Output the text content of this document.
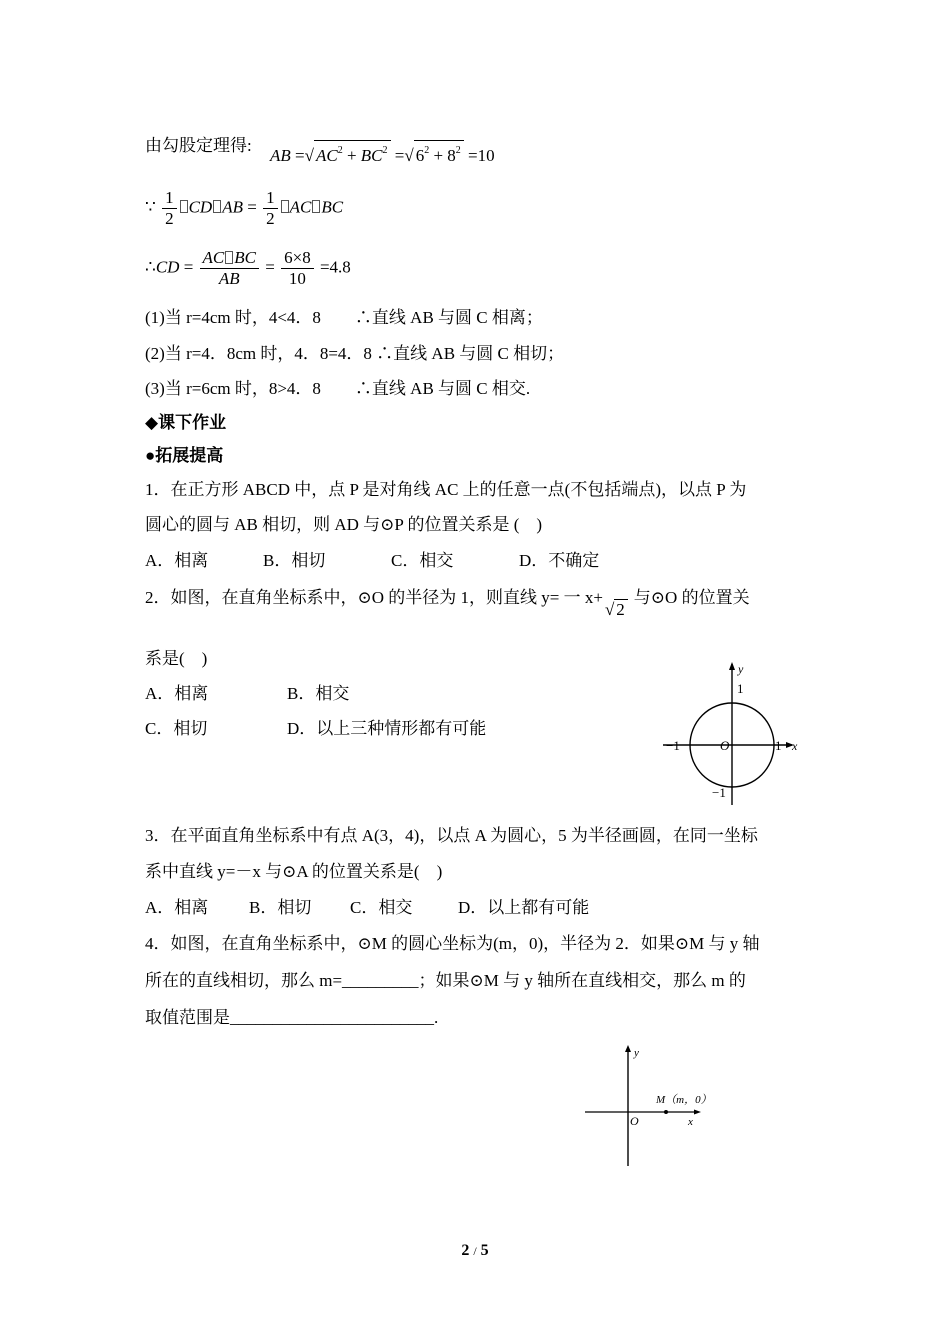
由勾股定理得: AB =√ $AC^2 + BC^2$ =√ $6^2 + 8^2 =10$
∵ $\frac{1}{2}$ CD AB = $\frac{1}{2}$ AC BC
∴CD = $\frac{\text{AC BC}}{AB} = \frac{6\times 8}{10} =4.8$
(1)当 r=4cm 时，4<4．8　　∴直线 AB 与圆 C 相离；
(2)当 r=4．8cm 时，4．8=4．8 ∴直线 AB 与圆 C 相切；
(3)当 r=6cm 时，8>4．8　　∴直线 AB 与圆 C 相交.
◆课下作业
●拓展提高
1．在正方形 ABCD 中，点 P 是对角线 AC 上的任意一点(不包括端点)，以点 P 为
圆心的圆与 AB 相切，则 AD 与⊙P 的位置关系是 (　)
A．相离	B．相切	C．相交	D．不确定
2．如图，在直角坐标系中，⊙O 的半径为 1，则直线 y= 一 x+√ 2与⊙O 的位置关
系是(　)
A．相离	B．相交
C．相切	D．以上三种情形都有可能
y
x
1
−1	O	1
−1
3．在平面直角坐标系中有点 A(3，4)，以点 A 为圆心，5 为半径画圆，在同一坐标
系中直线 y=－x 与⊙A 的位置关系是(　)
A．相离 B．相切 C．相交	D．以上都有可能
4．如图，在直角坐标系中，⊙M 的圆心坐标为(m，0)，半径为 2．如果⊙M 与 y 轴
所在的直线相切，那么 m=_________；如果⊙M 与 y 轴所在直线相交，那么 m 的
取值范围是________________________.
y
x
O
M（m，0）
2 / 5
